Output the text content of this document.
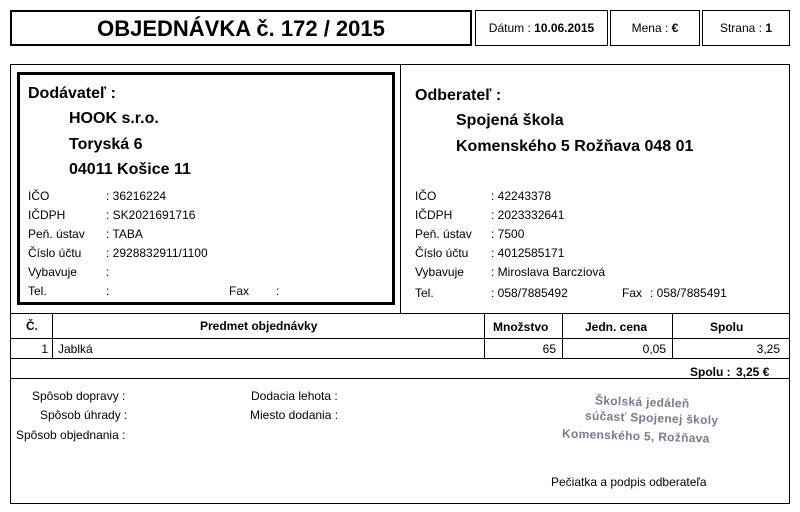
OBJEDNÁVKA č. 172 / 2015	Dátum : 10.06.2015	Mena : €	Strana : 1
Dodávateľ :
HOOK s.r.o.
Toryská 6
04011 Košice 11
IČO	: 36216224
IČDPH	: SK2021691716
Peň. ústav : TABA
Číslo účtu : 2928832911/1100
Vybavuje :
Tel.	:	Fax :
Odberateľ :
Spojená škola
Komenského 5 Rožňava 048 01
IČO	: 42243378
IČDPH	: 2023332641
Peň. ústav : 7500
Číslo účtu : 4012585171
Vybavuje : Miroslava Barcziová
Tel.	: 058/7885492	Fax : 058/7885491
Č.	Predmet objednávky	Množstvo	Jedn. cena	Spolu
1 Jablká	65	0,05	3,25
Spolu : 3,25 €
Spôsob dopravy :
Spôsob úhrady :
Spôsob objednania :
Dodacia lehota :
Miesto dodania :
Školská jedáleň
súčasť Spojenej školy
Komenského 5, Rožňava
Pečiatka a podpis odberateľa
